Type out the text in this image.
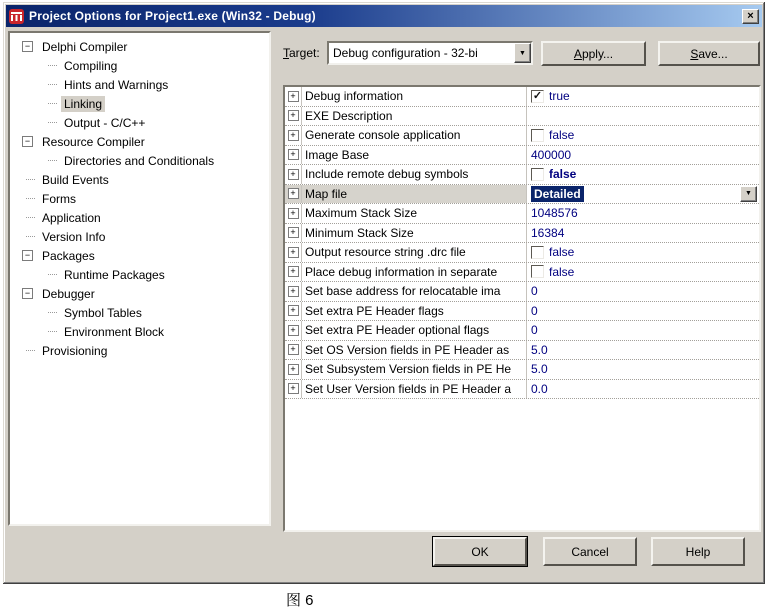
Project Options for Project1.exe (Win32 - Debug)	×
− Delphi Compiler
Compiling
Hints and Warnings
Linking
Output - C/C++
− Resource Compiler
Directories and Conditionals
Build Events
Forms
Application
Version Info
− Packages
Runtime Packages
− Debugger
Symbol Tables
Environment Block
Provisioning
Target:	Debug configuration - 32-bi	▼	Apply...	Save...
+ Debug information	✓ true
+ EXE Description
+ Generate console application	false
+ Image Base	400000
+ Include remote debug symbols	false
+ Map file	Detailed	▼
+ Maximum Stack Size	1048576
+ Minimum Stack Size	16384
+ Output resource string .drc file	false
+ Place debug information in separate	false
+ Set base address for relocatable ima	0
+ Set extra PE Header flags	0
+ Set extra PE Header optional flags	0
+ Set OS Version fields in PE Header as	5.0
+ Set Subsystem Version fields in PE He	5.0
+ Set User Version fields in PE Header a	0.0
OK	Cancel	Help
图 6
